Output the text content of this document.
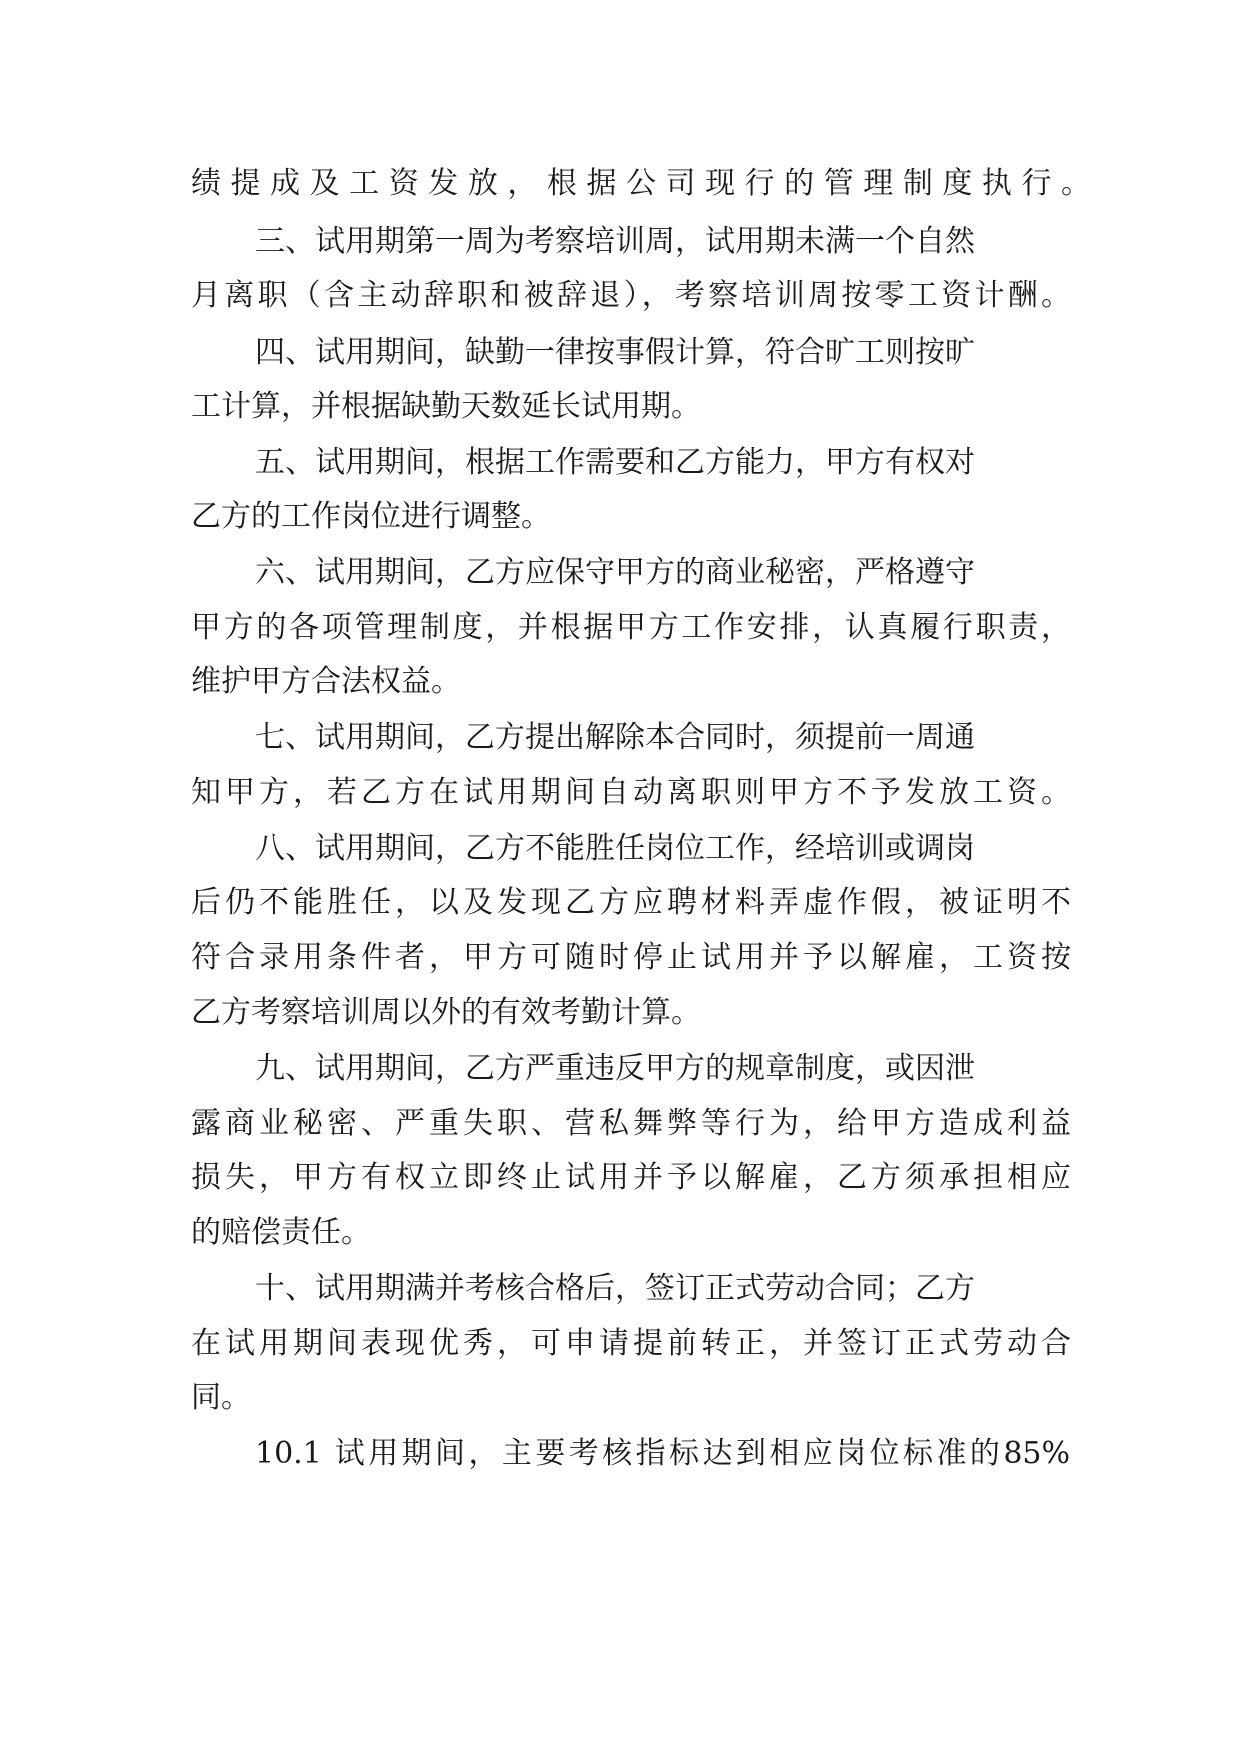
绩提成及工资发放，根据公司现行的管理制度执行。
三、试用期第一周为考察培训周，试用期未满一个自然
月离职（含主动辞职和被辞退），考察培训周按零工资计酬。
四、试用期间，缺勤一律按事假计算，符合旷工则按旷
工计算，并根据缺勤天数延长试用期。
五、试用期间，根据工作需要和乙方能力，甲方有权对
乙方的工作岗位进行调整。
六、试用期间，乙方应保守甲方的商业秘密，严格遵守
甲方的各项管理制度，并根据甲方工作安排，认真履行职责，
维护甲方合法权益。
七、试用期间，乙方提出解除本合同时，须提前一周通
知甲方，若乙方在试用期间自动离职则甲方不予发放工资。
八、试用期间，乙方不能胜任岗位工作，经培训或调岗
后仍不能胜任，以及发现乙方应聘材料弄虚作假，被证明不
符合录用条件者，甲方可随时停止试用并予以解雇，工资按
乙方考察培训周以外的有效考勤计算。
九、试用期间，乙方严重违反甲方的规章制度，或因泄
露商业秘密、严重失职、营私舞弊等行为，给甲方造成利益
损失，甲方有权立即终止试用并予以解雇，乙方须承担相应
的赔偿责任。
十、试用期满并考核合格后，签订正式劳动合同；乙方
在试用期间表现优秀，可申请提前转正，并签订正式劳动合
同。
10.1 试用期间，主要考核指标达到相应岗位标准的85%
